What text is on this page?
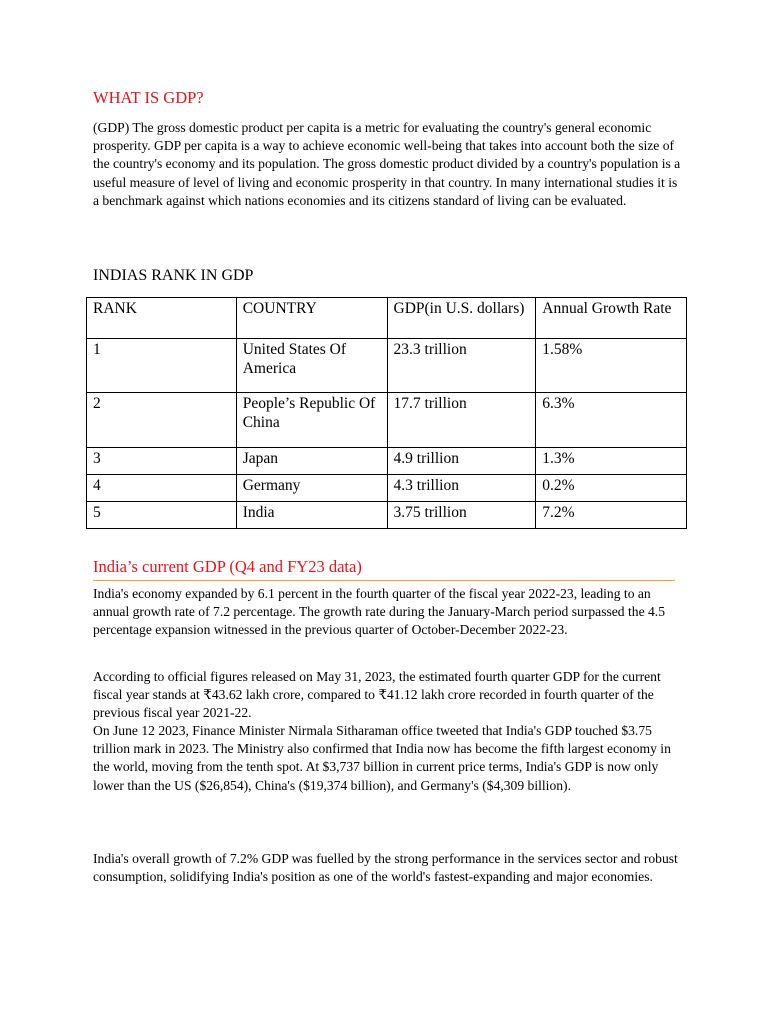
WHAT IS GDP?

(GDP) The gross domestic product per capita is a metric for evaluating the country's general economic prosperity. GDP per capita is a way to achieve economic well-being that takes into account both the size of the country's economy and its population. The gross domestic product divided by a country's population is a useful measure of level of living and economic prosperity in that country. In many international studies it is a benchmark against which nations economies and its citizens standard of living can be evaluated.

INDIAS RANK IN GDP
RANK	COUNTRY	GDP(in U.S. dollars)	Annual Growth Rate
1	United States Of America	23.3 trillion	1.58%
2	People’s Republic Of China	17.7 trillion	6.3%
3	Japan	4.9 trillion	1.3%
4	Germany	4.3 trillion	0.2%
5	India	3.75 trillion	7.2%
India’s current GDP (Q4 and FY23 data)

India's economy expanded by 6.1 percent in the fourth quarter of the fiscal year 2022-23, leading to an annual growth rate of 7.2 percentage. The growth rate during the January-March period surpassed the 4.5 percentage expansion witnessed in the previous quarter of October-December 2022-23.

According to official figures released on May 31, 2023, the estimated fourth quarter GDP for the current fiscal year stands at ₹43.62 lakh crore, compared to ₹41.12 lakh crore recorded in fourth quarter of the previous fiscal year 2021-22.

On June 12 2023, Finance Minister Nirmala Sitharaman office tweeted that India's GDP touched $3.75 trillion mark in 2023. The Ministry also confirmed that India now has become the fifth largest economy in the world, moving from the tenth spot. At $3,737 billion in current price terms, India's GDP is now only lower than the US ($26,854), China's ($19,374 billion), and Germany's ($4,309 billion).

India's overall growth of 7.2% GDP was fuelled by the strong performance in the services sector and robust consumption, solidifying India's position as one of the world's fastest-expanding and major economies.
